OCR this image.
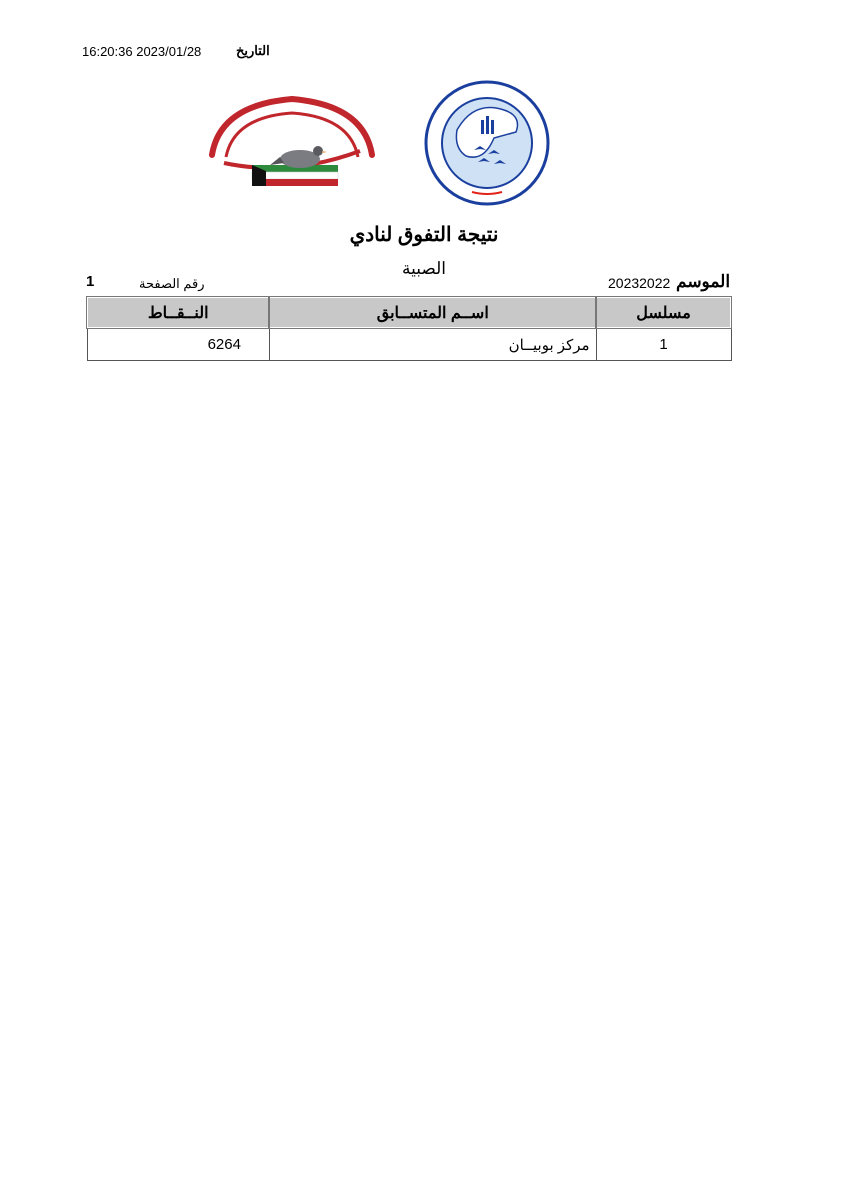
16:20:36 2023/01/28	التاريخ
نتيجة التفوق لنادي
الصبية
الموسم
20232022
رقم الصفحة
1
مسلسل	اســم المتســابق	النــقــاط
1	مركز بوبيــان	6264
